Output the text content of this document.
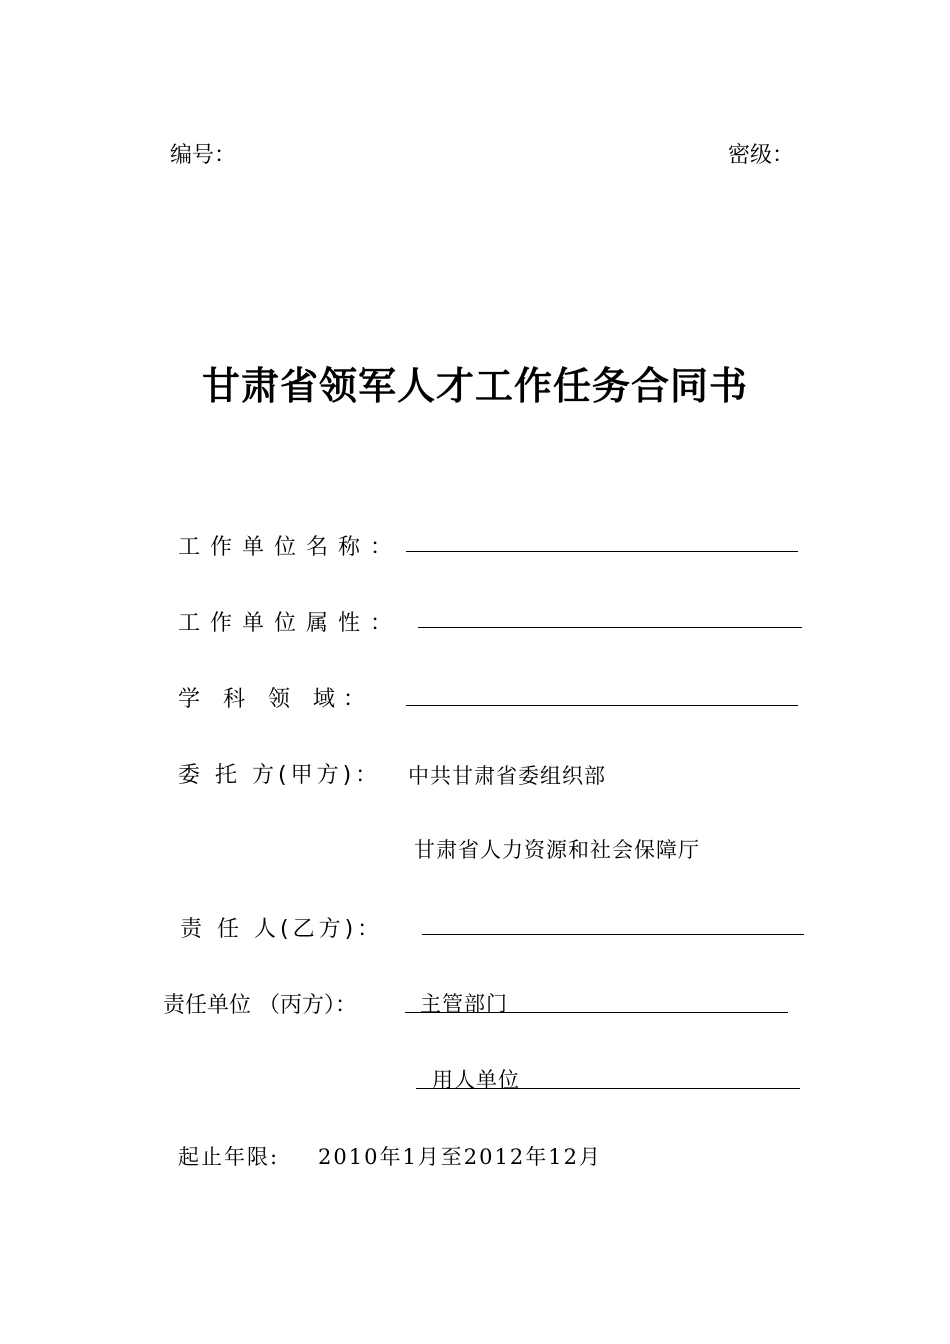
编号：	密级：
甘肃省领军人才工作任务合同书
工作单位名称：
工作单位属性：
学 科 领 域：
委 托 方(甲方)： 中共甘肃省委组织部
甘肃省人力资源和社会保障厅
责 任 人(乙方)：
责任单位 （丙方）：	主管部门
用人单位
起止年限: 2010年1月至2012年12月
